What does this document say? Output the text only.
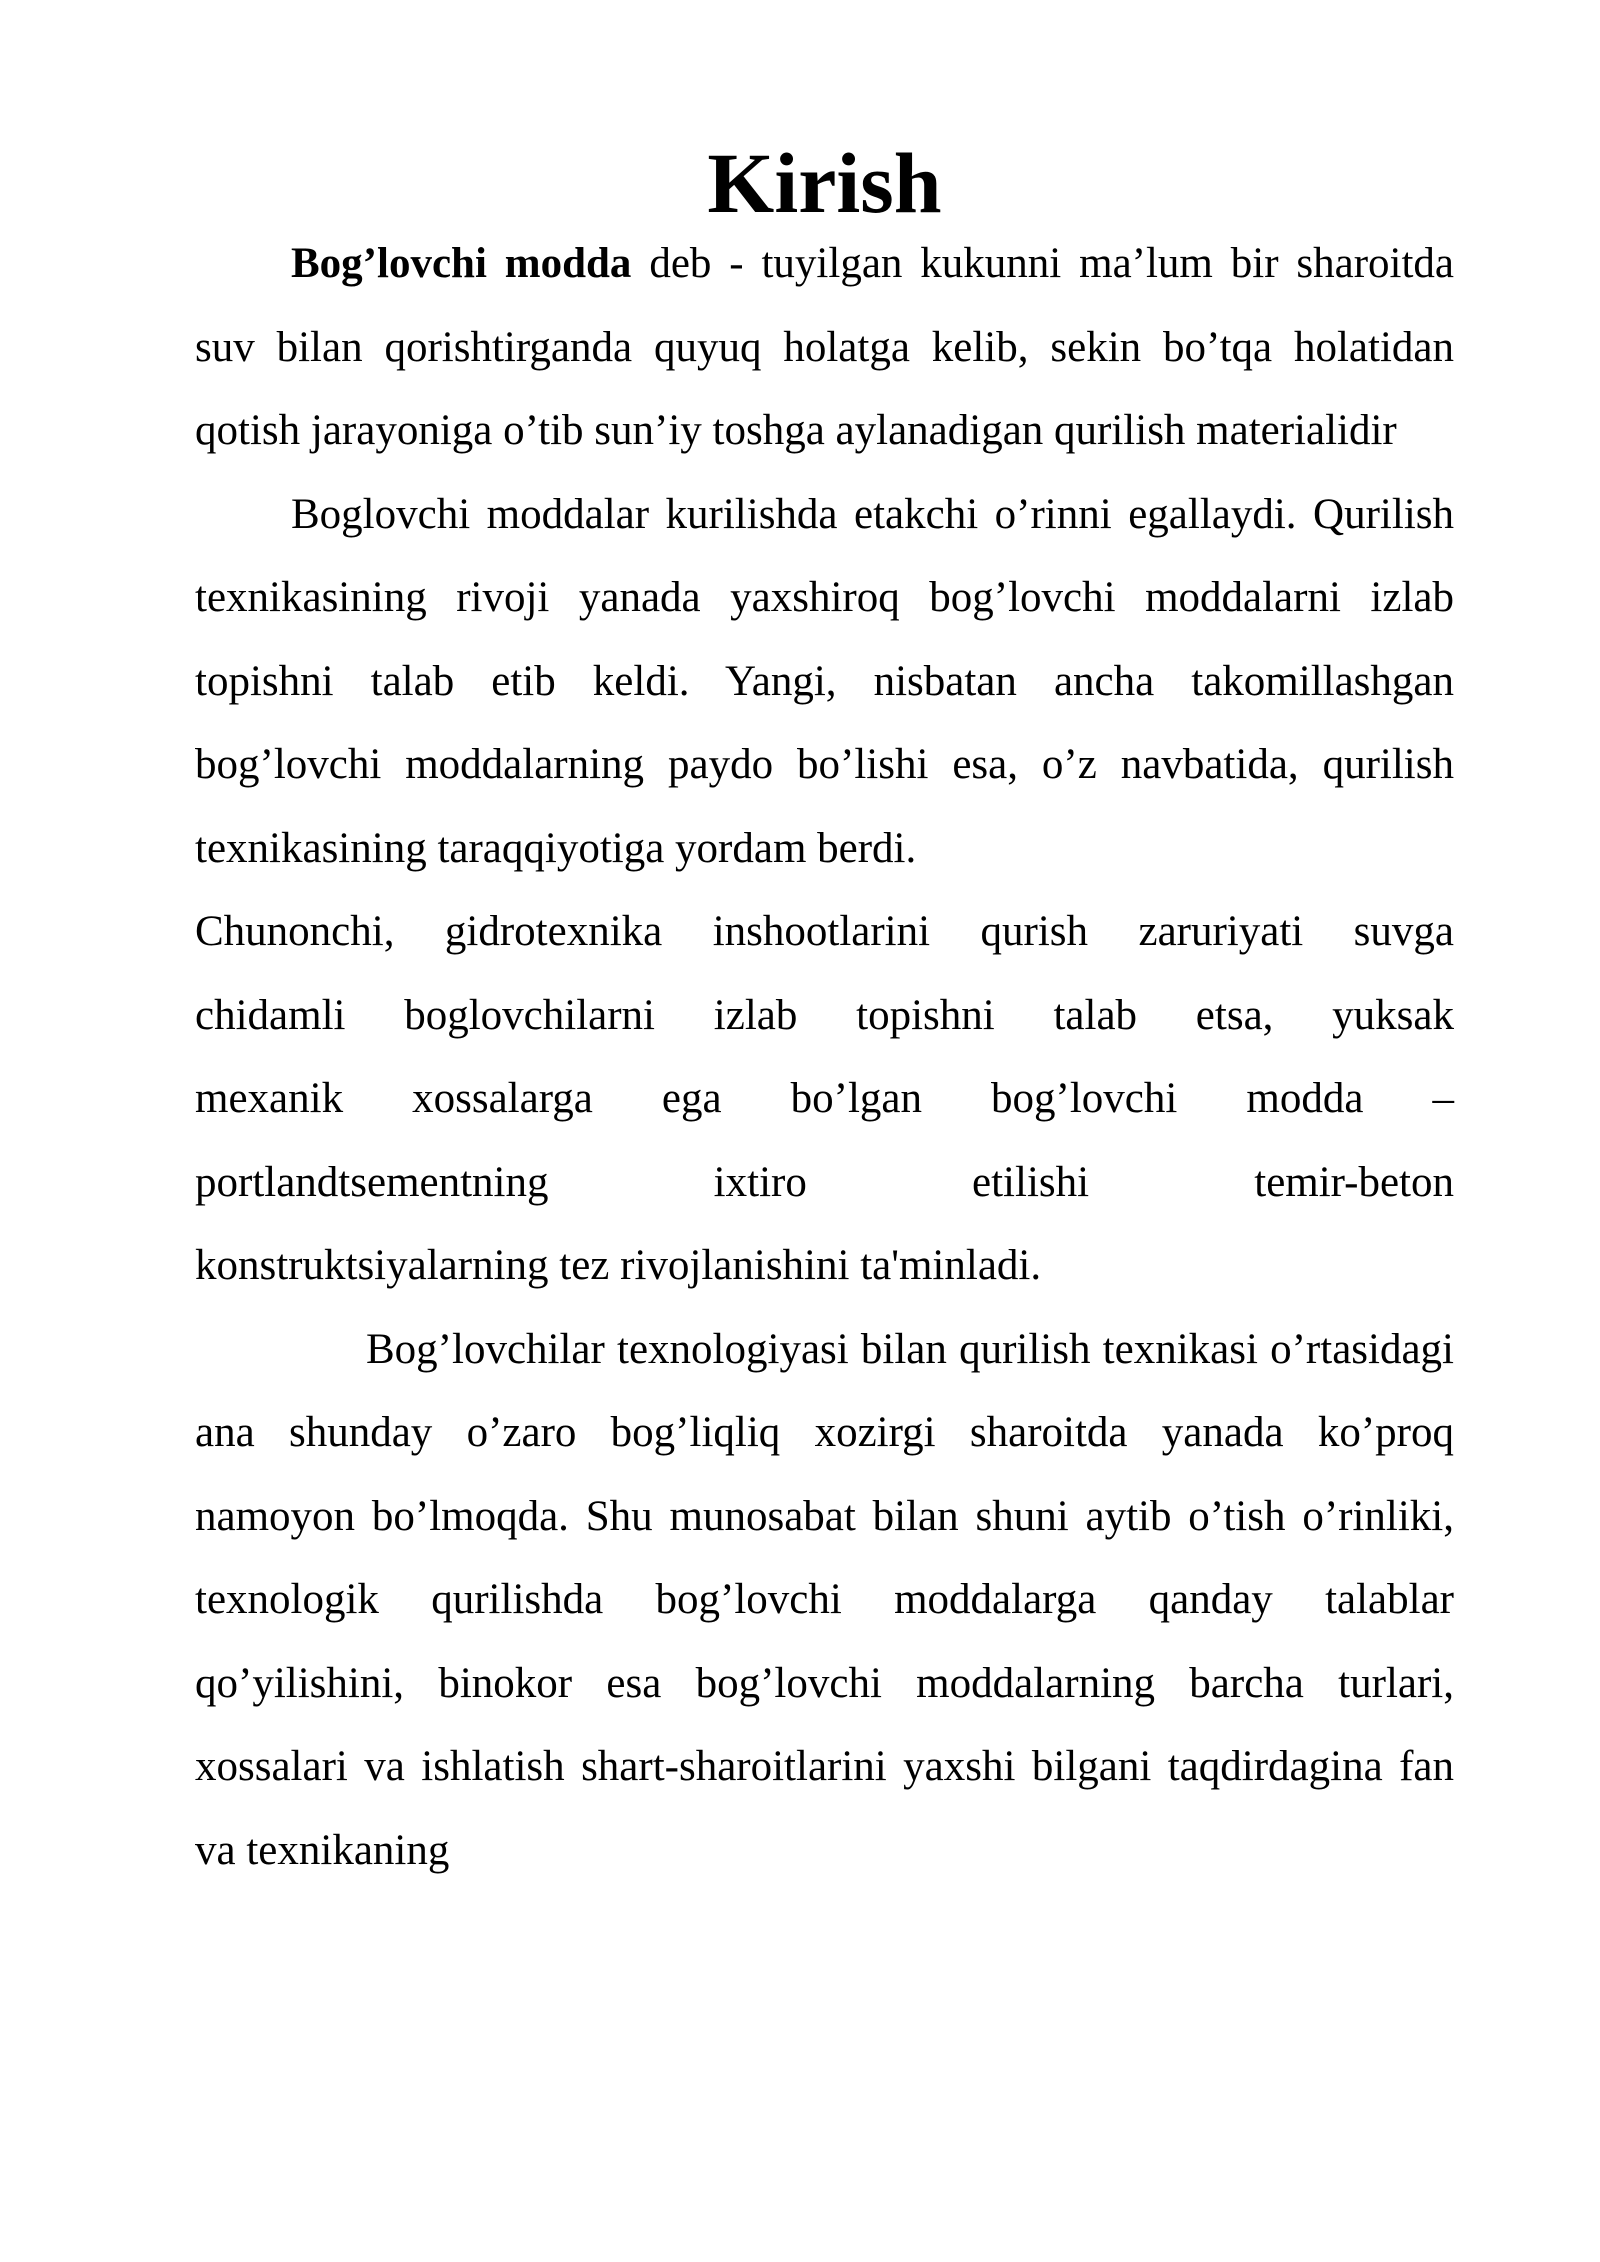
Kirish

Bog’lovchi modda deb - tuyilgan kukunni ma’lum bir sharoitda suv bilan qorishtirganda quyuq holatga kelib, sekin bo’tqa holatidan qotish jarayoniga o’tib sun’iy toshga aylanadigan qurilish materialidir

Boglovchi moddalar kurilishda etakchi o’rinni egallaydi. Qurilish texnikasining rivoji yanada yaxshiroq bog’lovchi moddalarni izlab topishni talab etib keldi. Yangi, nisbatan ancha takomillashgan bog’lovchi moddalarning paydo bo’lishi esa, o’z navbatida, qurilish texnikasining taraqqiyotiga yordam berdi.

Chunonchi, gidrotexnika inshootlarini qurish zaruriyati suvga
chidamli boglovchilarni izlab topishni talab etsa, yuksak
mexanik xossalarga ega bo’lgan bog’lovchi modda –
portlandtsementning ixtiro etilishi temir-beton
konstruktsiyalarning tez rivojlanishini ta'minladi.

Bog’lovchilar texnologiyasi bilan qurilish texnikasi o’rtasidagi ana shunday o’zaro bog’liqliq xozirgi sharoitda yanada ko’proq namoyon bo’lmoqda. Shu munosabat bilan shuni aytib o’tish o’rinliki, texnologik qurilishda bog’lovchi moddalarga qanday talablar qo’yilishini, binokor esa bog’lovchi moddalarning barcha turlari, xossalari va ishlatish shart-sharoitlarini yaxshi bilgani taqdirdagina fan va texnikaning
